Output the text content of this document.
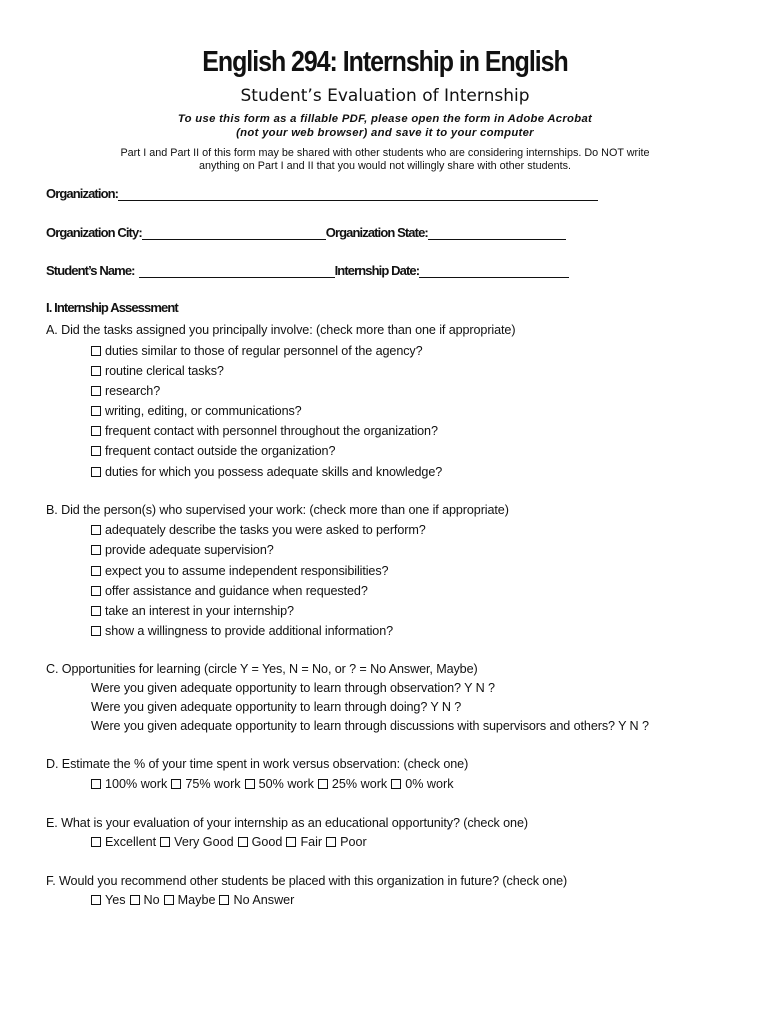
English 294: Internship in English
Student’s Evaluation of Internship
To use this form as a fillable PDF, please open the form in Adobe Acrobat
(not your web browser) and save it to your computer
Part I and Part II of this form may be shared with other students who are considering internships. Do NOT write
anything on Part I and II that you would not willingly share with other students.
Organization:
Organization City:	Organization State:
Student’s Name:	Internship Date:
I. Internship Assessment
A. Did the tasks assigned you principally involve: (check more than one if appropriate)
duties similar to those of regular personnel of the agency?
routine clerical tasks?
research?
writing, editing, or communications?
frequent contact with personnel throughout the organization?
frequent contact outside the organization?
duties for which you possess adequate skills and knowledge?
B. Did the person(s) who supervised your work: (check more than one if appropriate)
adequately describe the tasks you were asked to perform?
provide adequate supervision?
expect you to assume independent responsibilities?
offer assistance and guidance when requested?
take an interest in your internship?
show a willingness to provide additional information?
C. Opportunities for learning (circle Y = Yes, N = No, or ? = No Answer, Maybe)
Were you given adequate opportunity to learn through observation? Y N ?
Were you given adequate opportunity to learn through doing? Y N ?
Were you given adequate opportunity to learn through discussions with supervisors and others? Y N ?
D. Estimate the % of your time spent in work versus observation: (check one)
100% work 75% work 50% work 25% work 0% work
E. What is your evaluation of your internship as an educational opportunity? (check one)
Excellent Very Good Good Fair Poor
F. Would you recommend other students be placed with this organization in future? (check one)
Yes No Maybe No Answer
